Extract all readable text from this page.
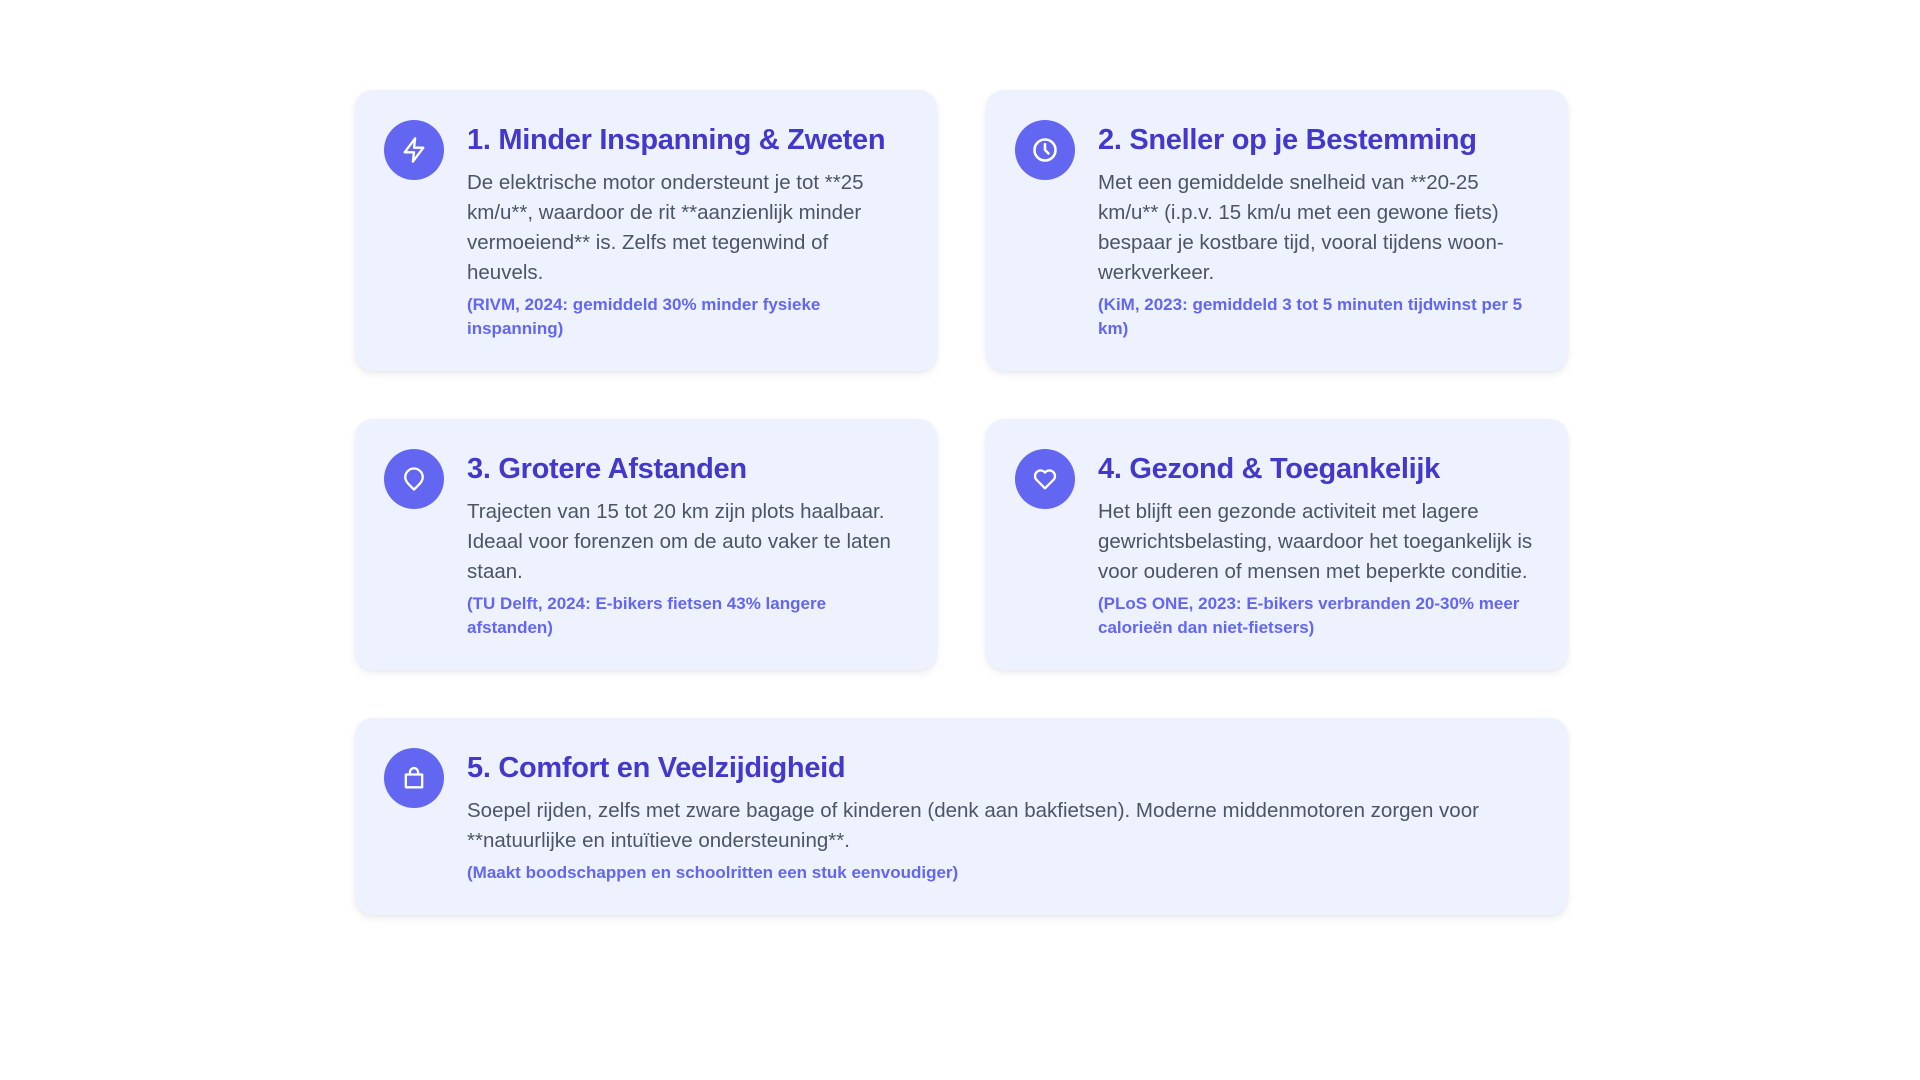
1. Minder Inspanning & Zweten
De elektrische motor ondersteunt je tot **25 km/u**, waardoor de rit **aanzienlijk minder vermoeiend** is. Zelfs met tegenwind of heuvels.
(RIVM, 2024: gemiddeld 30% minder fysieke inspanning)
2. Sneller op je Bestemming
Met een gemiddelde snelheid van **20-25 km/u** (i.p.v. 15 km/u met een gewone fiets) bespaar je kostbare tijd, vooral tijdens woon-werkverkeer.
(KiM, 2023: gemiddeld 3 tot 5 minuten tijdwinst per 5 km)
3. Grotere Afstanden
Trajecten van 15 tot 20 km zijn plots haalbaar. Ideaal voor forenzen om de auto vaker te laten staan.
(TU Delft, 2024: E-bikers fietsen 43% langere afstanden)
4. Gezond & Toegankelijk
Het blijft een gezonde activiteit met lagere gewrichtsbelasting, waardoor het toegankelijk is voor ouderen of mensen met beperkte conditie.
(PLoS ONE, 2023: E-bikers verbranden 20-30% meer calorieën dan niet-fietsers)
5. Comfort en Veelzijdigheid
Soepel rijden, zelfs met zware bagage of kinderen (denk aan bakfietsen). Moderne middenmotoren zorgen voor **natuurlijke en intuïtieve ondersteuning**.
(Maakt boodschappen en schoolritten een stuk eenvoudiger)
